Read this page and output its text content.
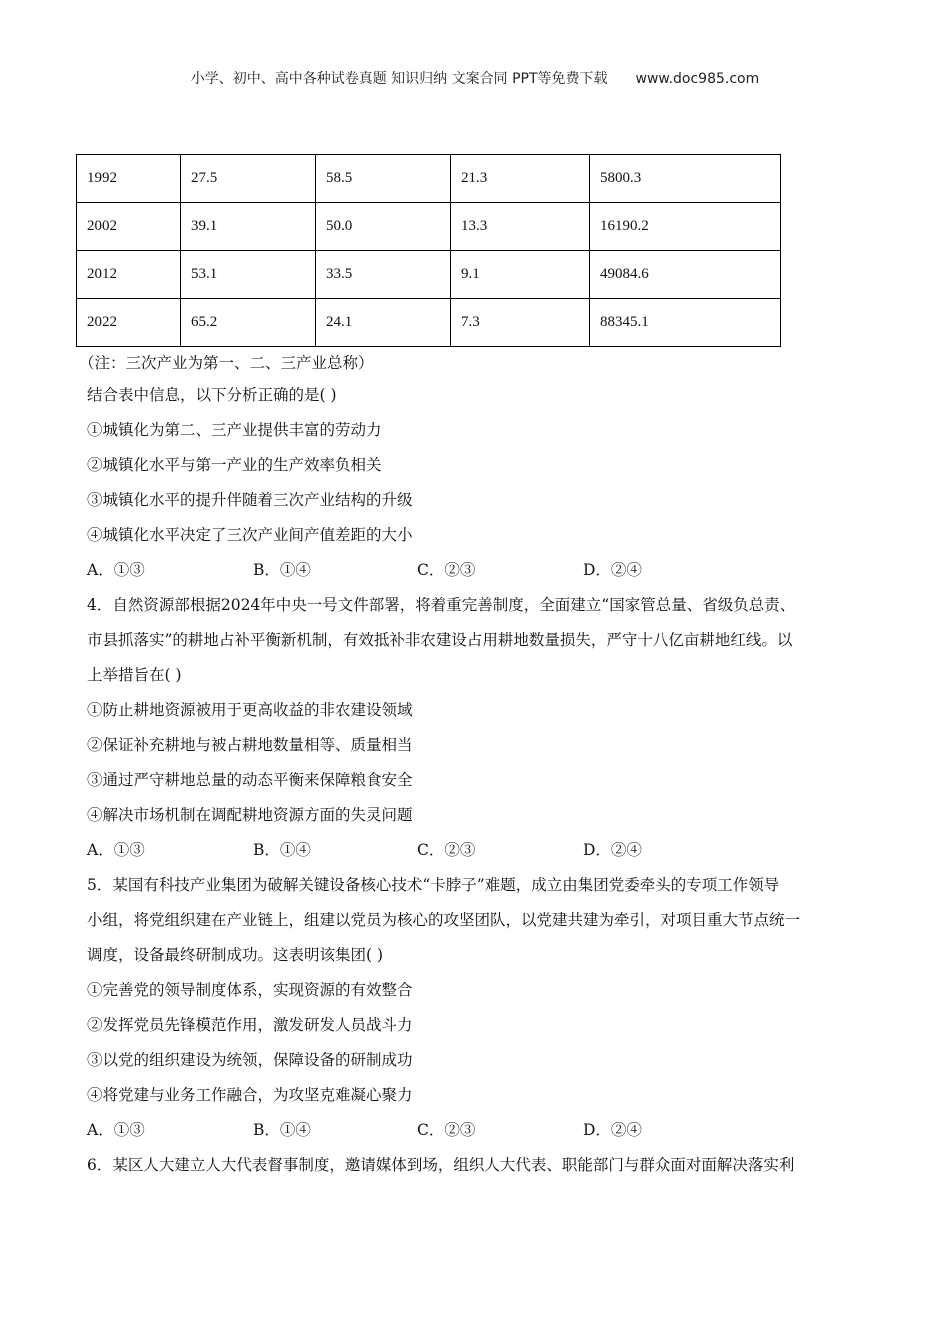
小学、初中、高中各种试卷真题 知识归纳 文案合同 PPT等免费下载 www.doc985.com
1992	27.5	58.5	21.3	5800.3
2002	39.1	50.0	13.3	16190.2
2012	53.1	33.5	9.1	49084.6
2022	65.2	24.1	7.3	88345.1
（注：三次产业为第一、二、三产业总称）
结合表中信息，以下分析正确的是( )
①城镇化为第二、三产业提供丰富的劳动力
②城镇化水平与第一产业的生产效率负相关
③城镇化水平的提升伴随着三次产业结构的升级
④城镇化水平决定了三次产业间产值差距的大小
A．①③	B．①④	C．②③	D．②④
4．自然资源部根据2024年中央一号文件部署，将着重完善制度，全面建立“国家管总量、省级负总责、
市县抓落实”的耕地占补平衡新机制，有效抵补非农建设占用耕地数量损失，严守十八亿亩耕地红线。以
上举措旨在( )
①防止耕地资源被用于更高收益的非农建设领域
②保证补充耕地与被占耕地数量相等、质量相当
③通过严守耕地总量的动态平衡来保障粮食安全
④解决市场机制在调配耕地资源方面的失灵问题
A．①③	B．①④	C．②③	D．②④
5．某国有科技产业集团为破解关键设备核心技术“卡脖子”难题，成立由集团党委牵头的专项工作领导
小组，将党组织建在产业链上，组建以党员为核心的攻坚团队，以党建共建为牵引，对项目重大节点统一
调度，设备最终研制成功。这表明该集团( )
①完善党的领导制度体系，实现资源的有效整合
②发挥党员先锋模范作用，激发研发人员战斗力
③以党的组织建设为统领，保障设备的研制成功
④将党建与业务工作融合，为攻坚克难凝心聚力
A．①③	B．①④	C．②③	D．②④
6．某区人大建立人大代表督事制度，邀请媒体到场，组织人大代表、职能部门与群众面对面解决落实利
